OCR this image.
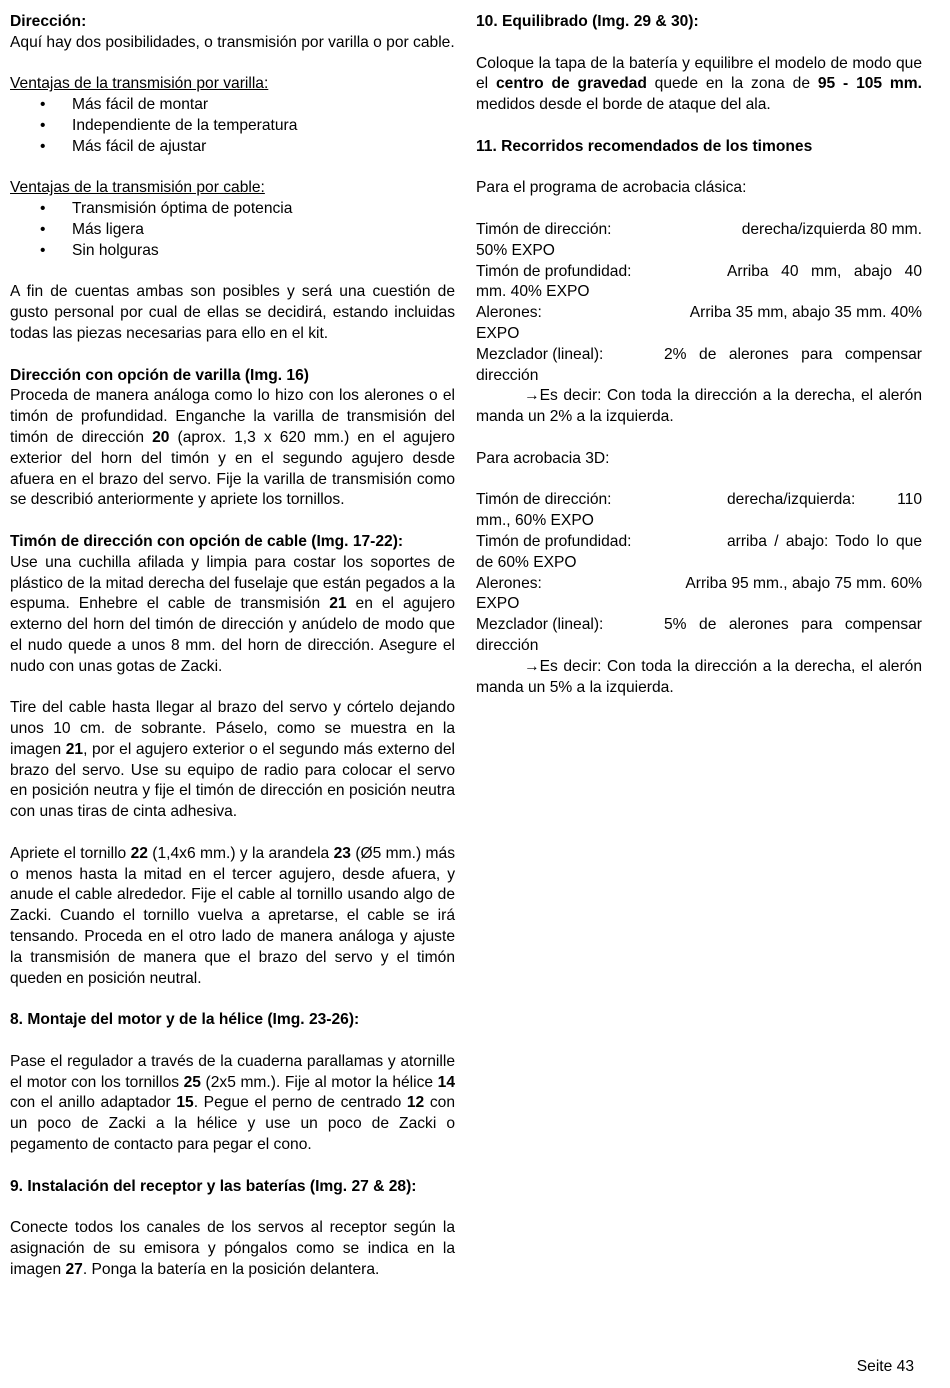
Dirección:

Aquí hay dos posibilidades, o transmisión por varilla o por cable.

Ventajas de la transmisión por varilla:

• Más fácil de montar
• Independiente de la temperatura
• Más fácil de ajustar

Ventajas de la transmisión por cable:

• Transmisión óptima de potencia
• Más ligera
• Sin holguras

A fin de cuentas ambas son posibles y será una cuestión de gusto personal por cual de ellas se decidirá, estando incluidas todas las piezas necesarias para ello en el kit.

Dirección con opción de varilla (Img. 16)

Proceda de manera análoga como lo hizo con los alerones o el timón de profundidad. Enganche la varilla de transmisión del timón de dirección 20 (aprox. 1,3 x 620 mm.) en el agujero exterior del horn del timón y en el segundo agujero desde afuera en el brazo del servo. Fije la varilla de transmisión como se describió anteriormente y apriete los tornillos.

Timón de dirección con opción de cable (Img. 17-22):

Use una cuchilla afilada y limpia para costar los soportes de plástico de la mitad derecha del fuselaje que están pegados a la espuma. Enhebre el cable de transmisión 21 en el agujero externo del horn del timón de dirección y anúdelo de modo que el nudo quede a unos 8 mm. del horn de dirección. Asegure el nudo con unas gotas de Zacki.

Tire del cable hasta llegar al brazo del servo y córtelo dejando unos 10 cm. de sobrante. Páselo, como se muestra en la imagen 21, por el agujero exterior o el segundo más externo del brazo del servo. Use su equipo de radio para colocar el servo en posición neutra y fije el timón de dirección en posición neutra con unas tiras de cinta adhesiva.

Apriete el tornillo 22 (1,4x6 mm.) y la arandela 23 (Ø5 mm.) más o menos hasta la mitad en el tercer agujero, desde afuera, y anude el cable alrededor. Fije el cable al tornillo usando algo de Zacki. Cuando el tornillo vuelva a apretarse, el cable se irá tensando. Proceda en el otro lado de manera análoga y ajuste la transmisión de manera que el brazo del servo y el timón queden en posición neutral.

8. Montaje del motor y de la hélice (Img. 23-26):

Pase el regulador a través de la cuaderna parallamas y atornille el motor con los tornillos 25 (2x5 mm.). Fije al motor la hélice 14 con el anillo adaptador 15. Pegue el perno de centrado 12 con un poco de Zacki a la hélice y use un poco de Zacki o pegamento de contacto para pegar el cono.

9. Instalación del receptor y las baterías (Img. 27 & 28):

Conecte todos los canales de los servos al receptor según la asignación de su emisora y póngalos como se indica en la imagen 27. Ponga la batería en la posición delantera.

10. Equilibrado (Img. 29 & 30):

Coloque la tapa de la batería y equilibre el modelo de modo que el centro de gravedad quede en la zona de 95 - 105 mm. medidos desde el borde de ataque del ala.

11. Recorridos recomendados de los timones

Para el programa de acrobacia clásica:

Timón de dirección:	derecha/izquierda 80 mm.

50% EXPO

Timón de profundidad:	Arriba 40 mm, abajo 40

mm. 40% EXPO

Alerones:	Arriba 35 mm, abajo 35 mm. 40%

EXPO

Mezclador (lineal):	2% de alerones para compensar

dirección

→Es decir: Con toda la dirección a la derecha, el alerón manda un 2% a la izquierda.

Para acrobacia 3D:

Timón de dirección:	derecha/izquierda: 110

mm., 60% EXPO

Timón de profundidad:	arriba / abajo: Todo lo que

de 60% EXPO

Alerones:	Arriba 95 mm., abajo 75 mm. 60%

EXPO

Mezclador (lineal):	5% de alerones para compensar

dirección

→Es decir: Con toda la dirección a la derecha, el alerón manda un 5% a la izquierda.

Seite 43
